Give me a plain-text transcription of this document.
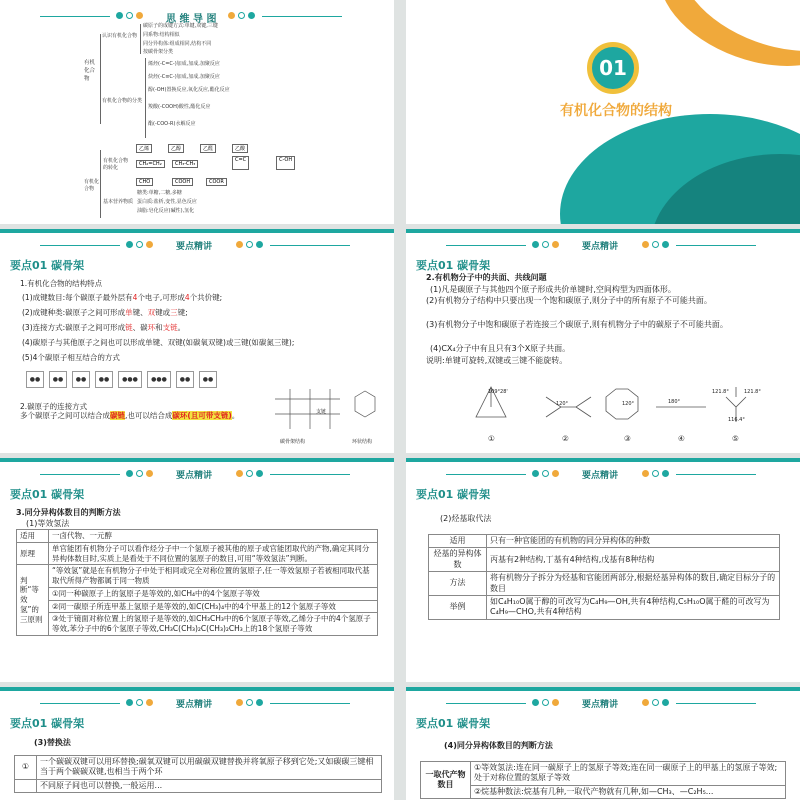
思 维 导 图
有机化合物
认识有机化合物
碳原子的成键方式:单键,双键,三键
同系物:结构相似
同分异构体:组成相同,结构不同
按碳骨架分类
有机化合物的分类
烯烃(-C=C-)加成,加成,加聚反应
炔烃(-C≡C-)加成,加成,加聚反应
醇(-OH)置换反应,氧化反应,酯化反应
羧酸(-COOH)酸性,酯化反应
酯(-COO-R)水解反应
有机化合物
有机化合物的转化
乙烯	乙醇	乙醛	乙酸
CH₂=CH₂	CH₃-CH₃
C=C	C-OH
CHO	COOH	COOR
基本营养物质
糖类:单糖,二糖,多糖
蛋白质:盐析,变性,显色反应
油脂:皂化反应(碱性),氢化
01
有机化合物的结构
要点精讲
要点01 碳骨架
1.有机化合物的结构特点
(1)成键数目:每个碳原子最外层有4个电子,可形成4个共价键;
(2)成键种类:碳原子之间可形成单键、双键或三键;
(3)连接方式:碳原子之间可形成链、碳环和支链。
(4)碳原子与其他原子之间也可以形成单键、双键(如碳氧双键)或三键(如碳氮三键);
(5)4个碳原子相互结合的方式
●●	●●	●●	●●	●●●	●●●	●●	●●
碳骨架结构
支链
环状结构
2.碳原子的连接方式
多个碳原子之间可以结合成碳链,也可以结合成碳环(且可带支链)。
要点精讲
要点01 碳骨架
2.有机物分子中的共面、共线问题
(1)凡是碳原子与其他四个原子形成共价单键时,空间构型为四面体形。
(2)有机物分子结构中只要出现一个饱和碳原子,则分子中的所有原子不可能共面。
(3)有机物分子中饱和碳原子若连接三个碳原子,则有机物分子中的碳原子不可能共面。
(4)CX₄分子中有且只有3个X原子共面。
说明:单键可旋转,双键或三键不能旋转。
109°28'
120°	120°	180°
121.8°	121.8°
116.4°
①	②	③	④	⑤
要点精讲
要点01 碳骨架
3.同分异构体数目的判断方法
(1)等效氢法
适用	一卤代物、一元醇
原理	单官能团有机物分子可以看作烃分子中一个氢原子被其他的原子或官能团取代的产物,确定其同分异构体数目时,实质上是看处于不同位置的氢原子的数目,可用“等效氢法”判断。
判断“等效氢”的三原则	“等效氢”就是在有机物分子中处于相同或完全对称位置的氢原子,任一等效氢原子若被相同取代基取代所得产物都属于同一物质
	①同一种碳原子上的氢原子是等效的,如CH₄中的4个氢原子等效
	②同一碳原子所连甲基上氢原子是等效的,如C(CH₃)₄中的4个甲基上的12个氢原子等效
	③处于镜面对称位置上的氢原子是等效的,如CH₃CH₃中的6个氢原子等效,乙烯分子中的4个氢原子等效,苯分子中的6个氢原子等效,CH₃C(CH₃)₂C(CH₃)₂CH₃上的18个氢原子等效
要点精讲
要点01 碳骨架
(2)烃基取代法
适用	只有一种官能团的有机物的同分异构体的种数
烃基的异构体数	丙基有2种结构,丁基有4种结构,戊基有8种结构
方法	将有机物分子拆分为烃基和官能团两部分,根据烃基异构体的数目,确定目标分子的数目
举例	如C₄H₁₀O属于醇的可改写为C₄H₉—OH,共有4种结构,C₅H₁₀O属于醛的可改写为C₄H₉—CHO,共有4种结构
要点精讲
要点01 碳骨架
(3)替换法
①	一个碳碳双键可以用环替换;碳氧双键可以用碳碳双键替换并将氧原子移到它处;又如碳碳三键相当于两个碳碳双键,也相当于两个环
	不同原子间也可以替换,一般运用...
要点精讲
要点01 碳骨架
(4)同分异构体数目的判断方法
一取代产物数目	①等效氢法:连在同一碳原子上的氢原子等效;连在同一碳原子上的甲基上的氢原子等效;处于对称位置的氢原子等效
②烷基种数法:烷基有几种,一取代产物就有几种,如—CH₃、—C₂H₅...
